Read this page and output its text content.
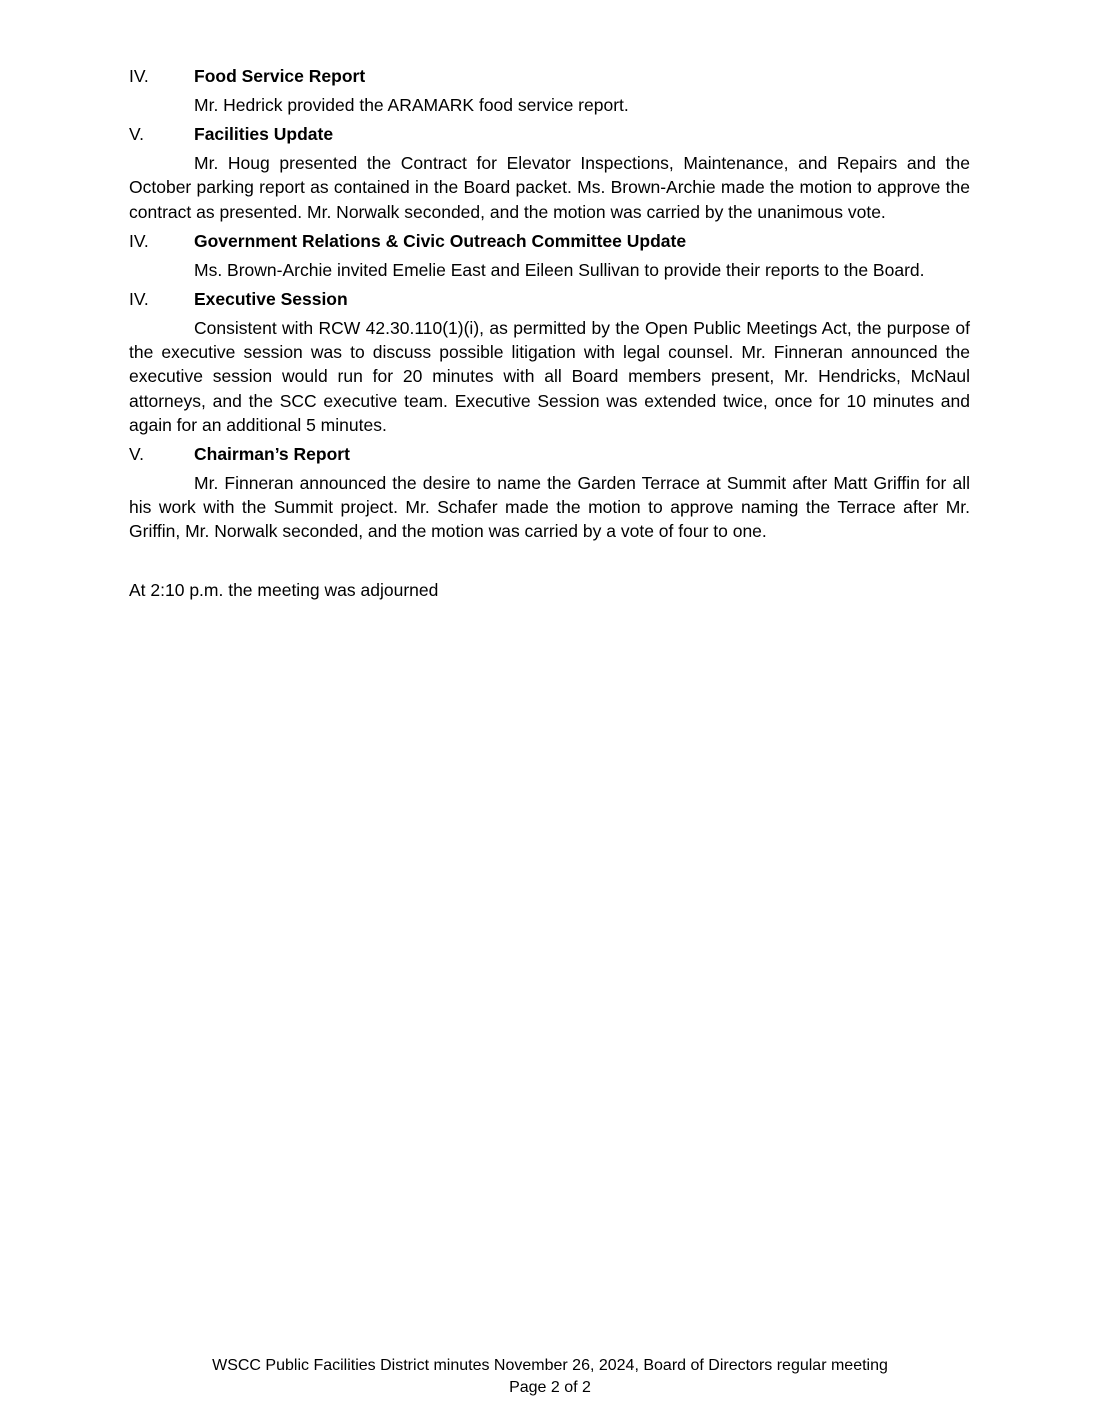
IV.	Food Service Report

Mr. Hedrick provided the ARAMARK food service report.

V.	Facilities Update

Mr. Houg presented the Contract for Elevator Inspections, Maintenance, and Repairs and the October parking report as contained in the Board packet. Ms. Brown-Archie made the motion to approve the contract as presented. Mr. Norwalk seconded, and the motion was carried by the unanimous vote.

IV.	Government Relations & Civic Outreach Committee Update

Ms. Brown-Archie invited Emelie East and Eileen Sullivan to provide their reports to the Board.

IV.	Executive Session

Consistent with RCW 42.30.110(1)(i), as permitted by the Open Public Meetings Act, the purpose of the executive session was to discuss possible litigation with legal counsel. Mr. Finneran announced the executive session would run for 20 minutes with all Board members present, Mr. Hendricks, McNaul attorneys, and the SCC executive team. Executive Session was extended twice, once for 10 minutes and again for an additional 5 minutes.

V.	Chairman’s Report

Mr. Finneran announced the desire to name the Garden Terrace at Summit after Matt Griffin for all his work with the Summit project. Mr. Schafer made the motion to approve naming the Terrace after Mr. Griffin, Mr. Norwalk seconded, and the motion was carried by a vote of four to one.

At 2:10 p.m. the meeting was adjourned
WSCC Public Facilities District minutes November 26, 2024, Board of Directors regular meeting
Page 2 of 2
